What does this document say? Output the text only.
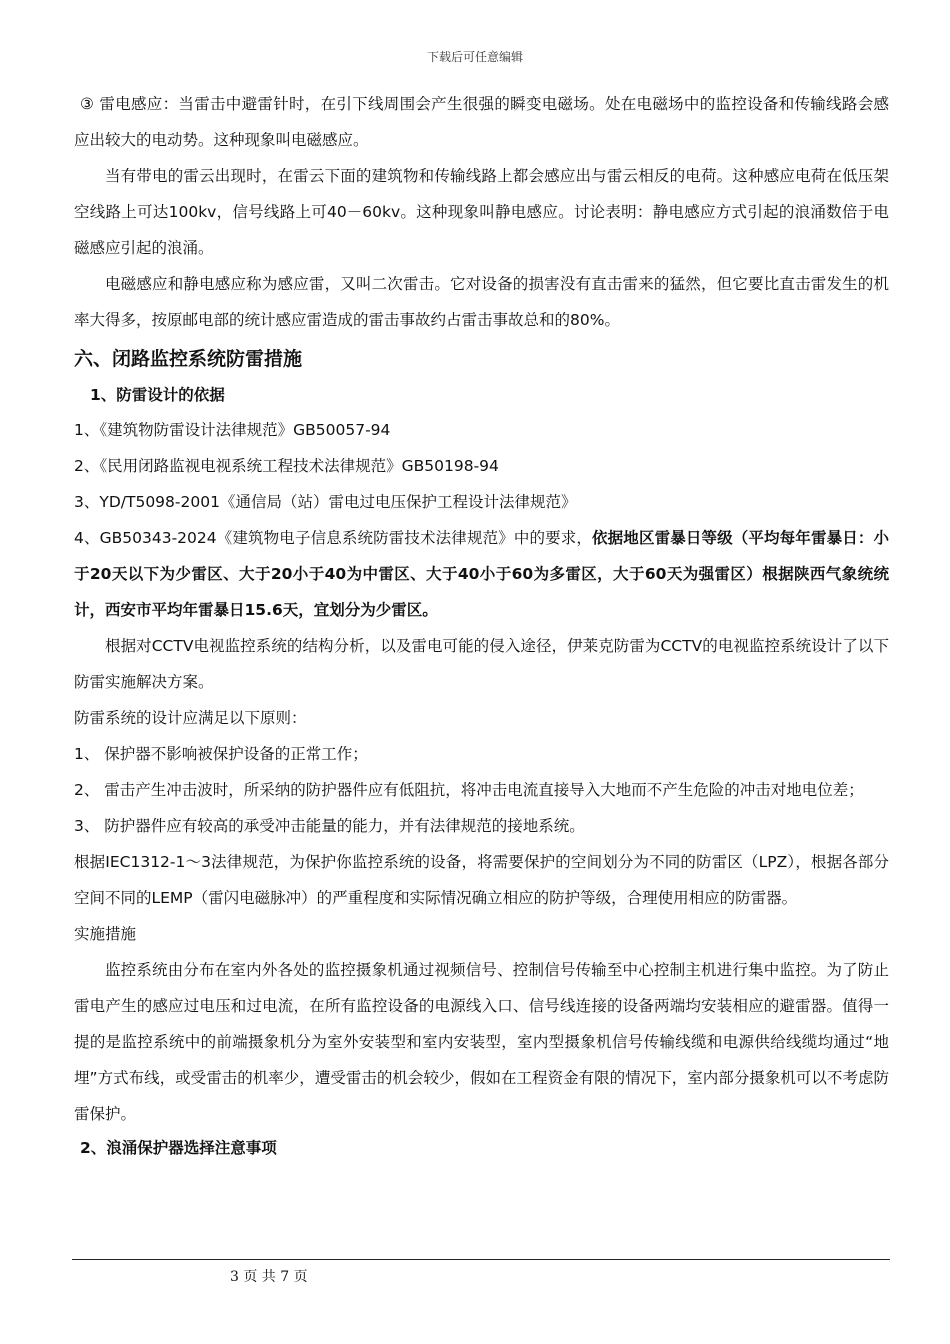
下载后可任意编辑

③ 雷电感应：当雷击中避雷针时，在引下线周围会产生很强的瞬变电磁场。处在电磁场中的监控设备和传输线路会感应出较大的电动势。这种现象叫电磁感应。

当有带电的雷云出现时，在雷云下面的建筑物和传输线路上都会感应出与雷云相反的电荷。这种感应电荷在低压架空线路上可达100kv，信号线路上可40－60kv。这种现象叫静电感应。讨论表明：静电感应方式引起的浪涌数倍于电磁感应引起的浪涌。

电磁感应和静电感应称为感应雷，又叫二次雷击。它对设备的损害没有直击雷来的猛然，但它要比直击雷发生的机率大得多，按原邮电部的统计感应雷造成的雷击事故约占雷击事故总和的80%。

六、闭路监控系统防雷措施
1、防雷设计的依据

1、《建筑物防雷设计法律规范》GB50057-94

2、《民用闭路监视电视系统工程技术法律规范》GB50198-94

3、YD/T5098-2001《通信局（站）雷电过电压保护工程设计法律规范》

4、GB50343-2024《建筑物电子信息系统防雷技术法律规范》中的要求，依据地区雷暴日等级（平均每年雷暴日：小于20天以下为少雷区、大于20小于40为中雷区、大于40小于60为多雷区，大于60天为强雷区）根据陕西气象统统计，西安市平均年雷暴日15.6天，宜划分为少雷区。

根据对CCTV电视监控系统的结构分析，以及雷电可能的侵入途径，伊莱克防雷为CCTV的电视监控系统设计了以下防雷实施解决方案。

防雷系统的设计应满足以下原则：

1、 保护器不影响被保护设备的正常工作；

2、 雷击产生冲击波时，所采纳的防护器件应有低阻抗，将冲击电流直接导入大地而不产生危险的冲击对地电位差；

3、 防护器件应有较高的承受冲击能量的能力，并有法律规范的接地系统。

根据IEC1312-1～3法律规范，为保护你监控系统的设备，将需要保护的空间划分为不同的防雷区（LPZ），根据各部分空间不同的LEMP（雷闪电磁脉冲）的严重程度和实际情况确立相应的防护等级，合理使用相应的防雷器。

实施措施

监控系统由分布在室内外各处的监控摄象机通过视频信号、控制信号传输至中心控制主机进行集中监控。为了防止雷电产生的感应过电压和过电流，在所有监控设备的电源线入口、信号线连接的设备两端均安装相应的避雷器。值得一提的是监控系统中的前端摄象机分为室外安装型和室内安装型，室内型摄象机信号传输线缆和电源供给线缆均通过“地埋”方式布线，或受雷击的机率少，遭受雷击的机会较少，假如在工程资金有限的情况下，室内部分摄象机可以不考虑防雷保护。

2、浪涌保护器选择注意事项
3 页 共 7 页
